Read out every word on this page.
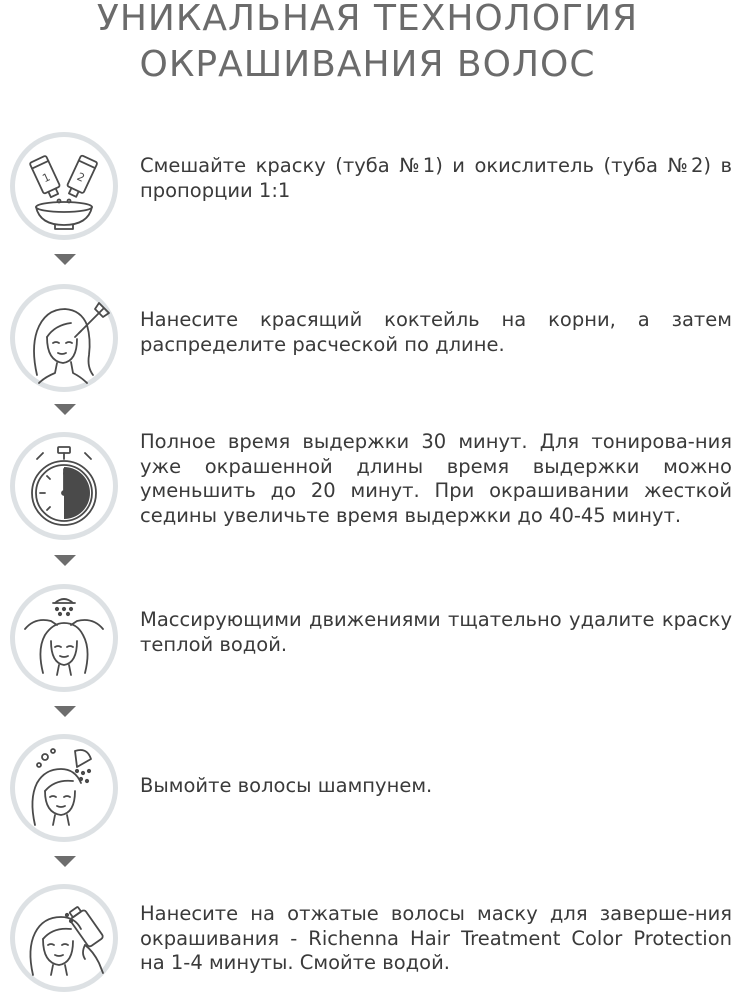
УНИКАЛЬНАЯ ТЕХНОЛОГИЯ
ОКРАШИВАНИЯ ВОЛОС
1 2
Смешайте краску (туба №1) и окислитель (туба №2) в пропорции 1:1
Нанесите красящий коктейль на корни, а затем распределите расческой по длине.
Полное время выдержки 30 минут. Для тонирова-ния уже окрашенной длины время выдержки можно уменьшить до 20 минут. При окрашивании жесткой седины увеличьте время выдержки до 40-45 минут.
Массирующими движениями тщательно удалите краску теплой водой.
Вымойте волосы шампунем.
Нанесите на отжатые волосы маску для заверше-ния окрашивания - Richenna Hair Treatment Color Protection на 1-4 минуты. Смойте водой.
